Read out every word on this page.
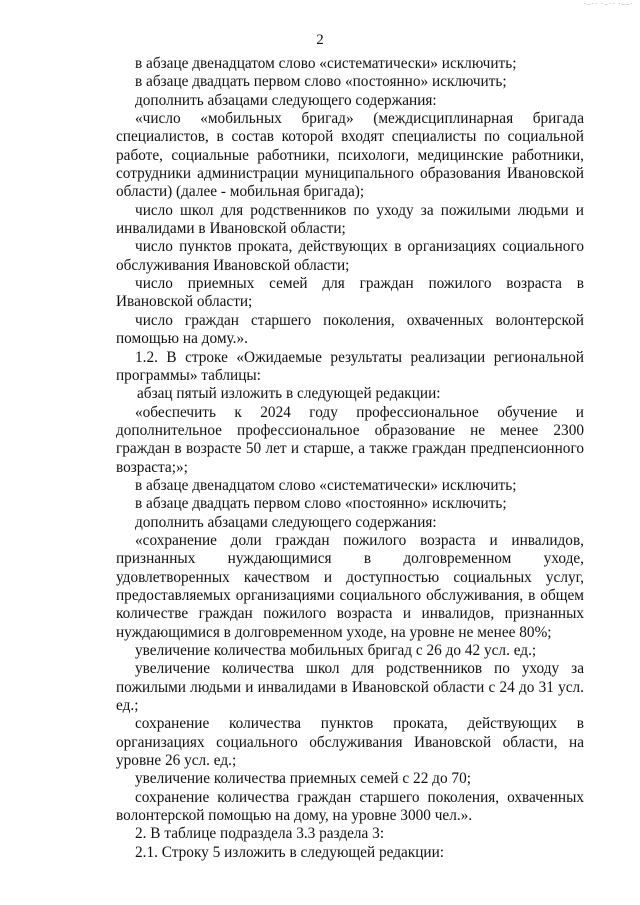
·–·· ·–·· ·––·
2

в абзаце двенадцатом слово «систематически» исключить;

в абзаце двадцать первом слово «постоянно» исключить;

дополнить абзацами следующего содержания:

«число «мобильных бригад» (междисциплинарная бригада специалистов, в состав которой входят специалисты по социальной работе, социальные работники, психологи, медицинские работники, сотрудники администрации муниципального образования Ивановской области) (далее - мобильная бригада);

число школ для родственников по уходу за пожилыми людьми и инвалидами в Ивановской области;

число пунктов проката, действующих в организациях социального обслуживания Ивановской области;

число приемных семей для граждан пожилого возраста в Ивановской области;

число граждан старшего поколения, охваченных волонтерской помощью на дому.».

1.2. В строке «Ожидаемые результаты реализации региональной программы» таблицы:

абзац пятый изложить в следующей редакции:

«обеспечить к 2024 году профессиональное обучение и дополнительное профессиональное образование не менее 2300 граждан в возрасте 50 лет и старше, а также граждан предпенсионного возраста;»;

в абзаце двенадцатом слово «систематически» исключить;

в абзаце двадцать первом слово «постоянно» исключить;

дополнить абзацами следующего содержания:

«сохранение доли граждан пожилого возраста и инвалидов, признанных нуждающимися в долговременном уходе, удовлетворенных качеством и доступностью социальных услуг, предоставляемых организациями социального обслуживания, в общем количестве граждан пожилого возраста и инвалидов, признанных нуждающимися в долговременном уходе, на уровне не менее 80%;

увеличение количества мобильных бригад с 26 до 42 усл. ед.;

увеличение количества школ для родственников по уходу за пожилыми людьми и инвалидами в Ивановской области с 24 до 31 усл. ед.;

сохранение количества пунктов проката, действующих в организациях социального обслуживания Ивановской области, на уровне 26 усл. ед.;

увеличение количества приемных семей с 22 до 70;

сохранение количества граждан старшего поколения, охваченных волонтерской помощью на дому, на уровне 3000 чел.».

2. В таблице подраздела 3.3 раздела 3:

2.1. Строку 5 изложить в следующей редакции:
